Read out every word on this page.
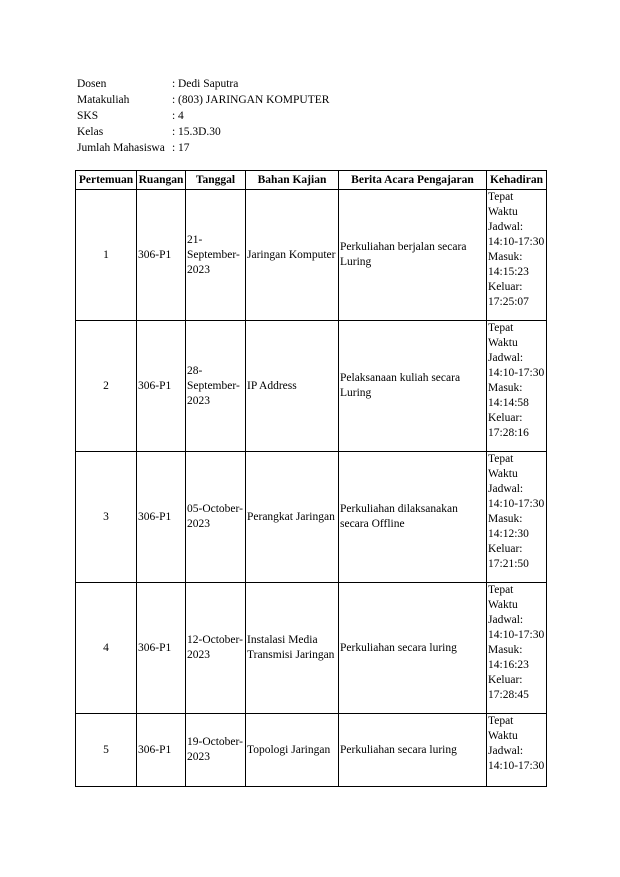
Dosen	: Dedi Saputra
Matakuliah	: (803) JARINGAN KOMPUTER
SKS	: 4
Kelas	: 15.3D.30
Jumlah Mahasiswa : 17
Pertemuan	Ruangan	Tanggal	Bahan Kajian	Berita Acara Pengajaran	Kehadiran
1	306-P1	21-September-2023	Jaringan Komputer	Perkuliahan berjalan secara Luring	Tepat Waktu Jadwal: 14:10-17:30 Masuk: 14:15:23 Keluar: 17:25:07
2	306-P1	28-September-2023	IP Address	Pelaksanaan kuliah secara Luring	Tepat Waktu Jadwal: 14:10-17:30 Masuk: 14:14:58 Keluar: 17:28:16
3	306-P1	05-October-2023	Perangkat Jaringan	Perkuliahan dilaksanakan secara Offline	Tepat Waktu Jadwal: 14:10-17:30 Masuk: 14:12:30 Keluar: 17:21:50
4	306-P1	12-October-2023	Instalasi Media Transmisi Jaringan	Perkuliahan secara luring	Tepat Waktu Jadwal: 14:10-17:30 Masuk: 14:16:23 Keluar: 17:28:45
5	306-P1	19-October-2023	Topologi Jaringan	Perkuliahan secara luring	Tepat Waktu Jadwal: 14:10-17:30
